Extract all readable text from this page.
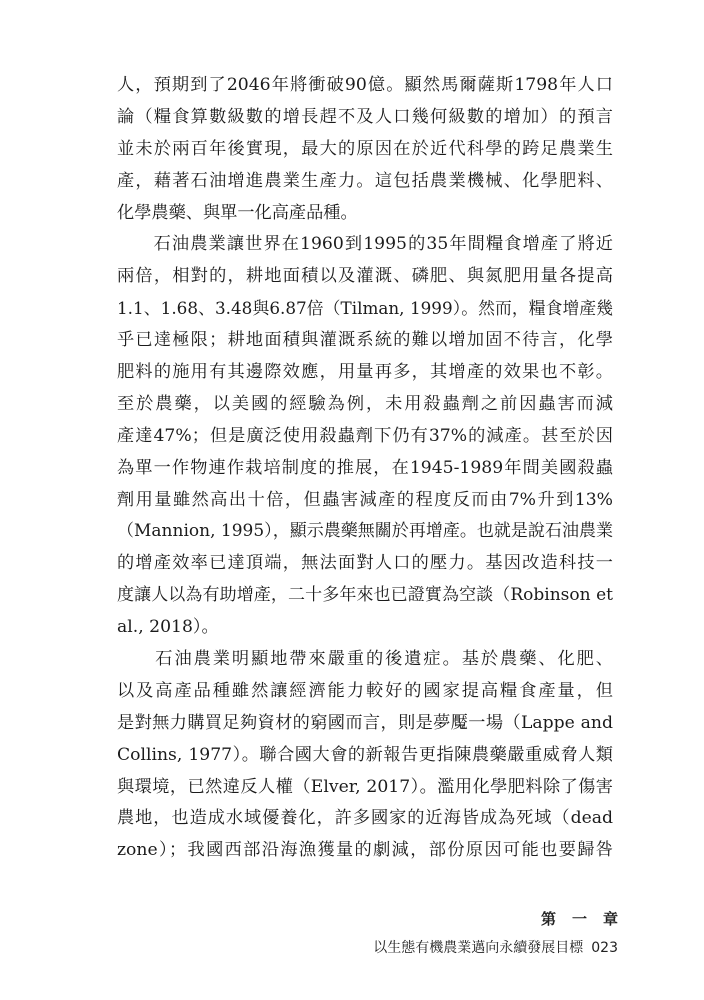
人，預期到了2046年將衝破90億。顯然馬爾薩斯1798年人口
論（糧食算數級數的增長趕不及人口幾何級數的增加）的預言
並未於兩百年後實現，最大的原因在於近代科學的跨足農業生
產，藉著石油增進農業生產力。這包括農業機械、化學肥料、
化學農藥、與單一化高產品種。
　　石油農業讓世界在1960到1995的35年間糧食增產了將近
兩倍，相對的，耕地面積以及灌溉、磷肥、與氮肥用量各提高
1.1、1.68、3.48與6.87倍（Tilman, 1999）。然而，糧食增產幾
乎已達極限；耕地面積與灌溉系統的難以增加固不待言，化學
肥料的施用有其邊際效應，用量再多，其增產的效果也不彰。
至於農藥，以美國的經驗為例，未用殺蟲劑之前因蟲害而減
產達47%；但是廣泛使用殺蟲劑下仍有37%的減產。甚至於因
為單一作物連作栽培制度的推展，在1945-1989年間美國殺蟲
劑用量雖然高出十倍，但蟲害減產的程度反而由7%升到13%
（Mannion, 1995），顯示農藥無關於再增產。也就是說石油農業
的增產效率已達頂端，無法面對人口的壓力。基因改造科技一
度讓人以為有助增產，二十多年來也已證實為空談（Robinson et
al., 2018）。
　　石油農業明顯地帶來嚴重的後遺症。基於農藥、化肥、
以及高產品種雖然讓經濟能力較好的國家提高糧食產量，但
是對無力購買足夠資材的窮國而言，則是夢魘一場（Lappe and
Collins, 1977）。聯合國大會的新報告更指陳農藥嚴重威脅人類
與環境，已然違反人權（Elver, 2017）。濫用化學肥料除了傷害
農地，也造成水域優養化，許多國家的近海皆成為死域（dead
zone）；我國西部沿海漁獲量的劇減，部份原因可能也要歸咎
第一章
以生態有機農業邁向永續發展目標 023
